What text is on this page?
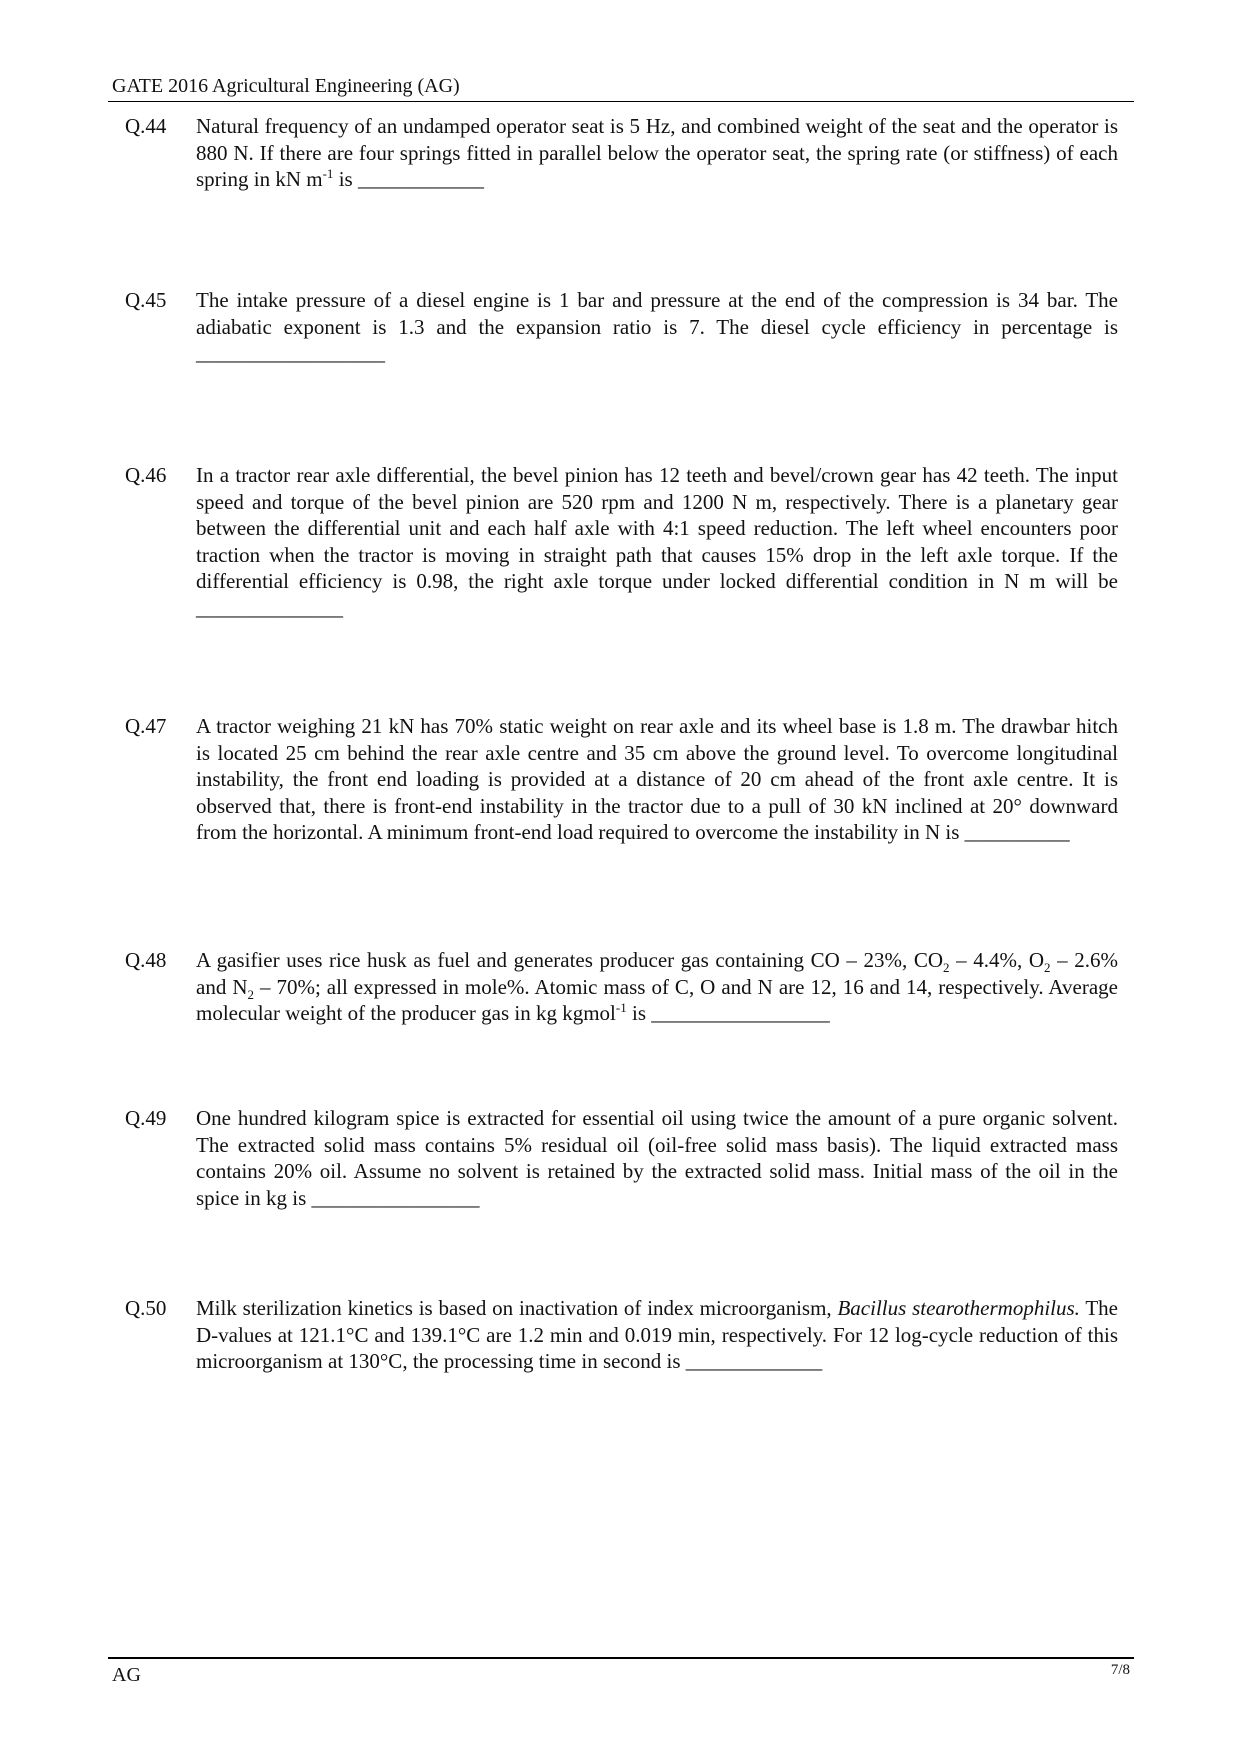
GATE 2016 Agricultural Engineering (AG)
Q.44 Natural frequency of an undamped operator seat is 5 Hz, and combined weight of the seat and the operator is 880 N. If there are four springs fitted in parallel below the operator seat, the spring rate (or stiffness) of each spring in kN $m^{-1}$ is ____________
Q.45 The intake pressure of a diesel engine is 1 bar and pressure at the end of the compression is 34 bar. The adiabatic exponent is 1.3 and the expansion ratio is 7. The diesel cycle efficiency in percentage is __________________
Q.46 In a tractor rear axle differential, the bevel pinion has 12 teeth and bevel/crown gear has 42 teeth. The input speed and torque of the bevel pinion are 520 rpm and 1200 N m, respectively. There is a planetary gear between the differential unit and each half axle with 4:1 speed reduction. The left wheel encounters poor traction when the tractor is moving in straight path that causes 15% drop in the left axle torque. If the differential efficiency is 0.98, the right axle torque under locked differential condition in N m will be ______________
Q.47 A tractor weighing 21 kN has 70% static weight on rear axle and its wheel base is 1.8 m. The drawbar hitch is located 25 cm behind the rear axle centre and 35 cm above the ground level. To overcome longitudinal instability, the front end loading is provided at a distance of 20 cm ahead of the front axle centre. It is observed that, there is front-end instability in the tractor due to a pull of 30 kN inclined at 20° downward from the horizontal. A minimum front-end load required to overcome the instability in N is __________
Q.48 A gasifier uses rice husk as fuel and generates producer gas containing CO – 23%, $CO_2 - 4.4\%$, $O_2 - 2.6\%$ and $N_2 - 70\%$; all expressed in mole%. Atomic mass of C, O and N are 12, 16 and 14, respectively. Average molecular weight of the producer gas in kg kgmol$^{-1}$ is _________________
Q.49 One hundred kilogram spice is extracted for essential oil using twice the amount of a pure organic solvent. The extracted solid mass contains 5% residual oil (oil-free solid mass basis). The liquid extracted mass contains 20% oil. Assume no solvent is retained by the extracted solid mass. Initial mass of the oil in the spice in kg is ________________
Q.50 Milk sterilization kinetics is based on inactivation of index microorganism, Bacillus stearothermophilus. The D-values at 121.1°C and 139.1°C are 1.2 min and 0.019 min, respectively. For 12 log-cycle reduction of this microorganism at 130°C, the processing time in second is _____________
AG	7/8
